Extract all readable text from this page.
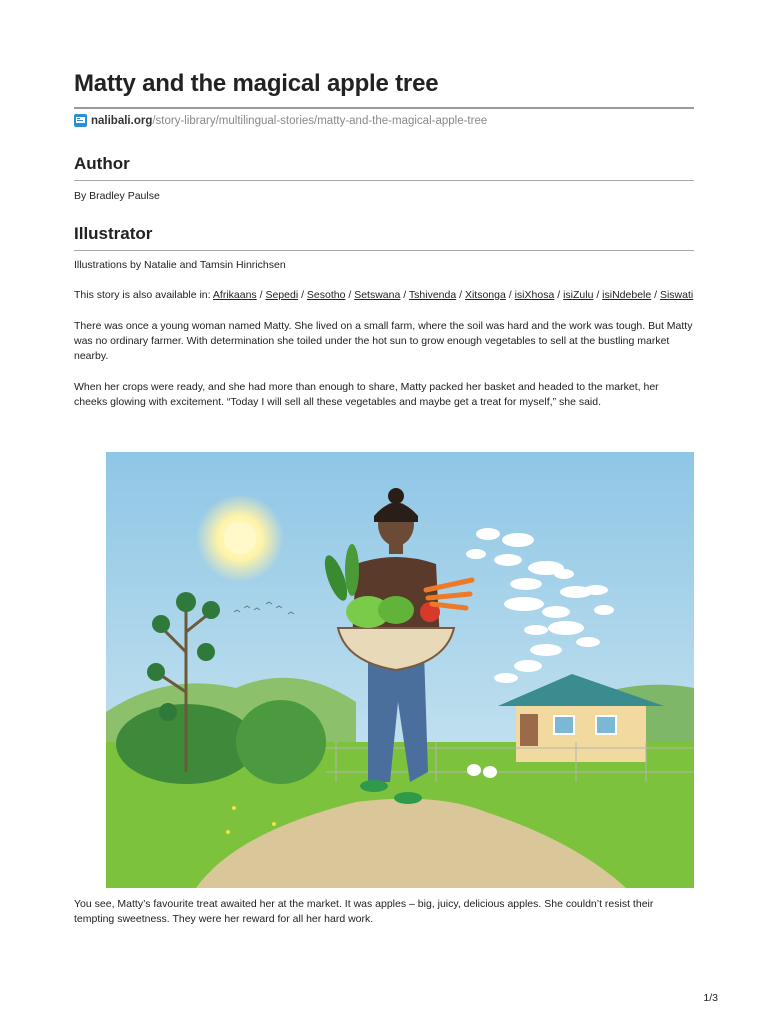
Matty and the magical apple tree
nalibali.org/story-library/multilingual-stories/matty-and-the-magical-apple-tree
Author
By Bradley Paulse
Illustrator
Illustrations by Natalie and Tamsin Hinrichsen
This story is also available in: Afrikaans / Sepedi / Sesotho / Setswana / Tshivenda / Xitsonga / isiXhosa / isiZulu / isiNdebele / Siswati
There was once a young woman named Matty. She lived on a small farm, where the soil was hard and the work was tough. But Matty was no ordinary farmer. With determination she toiled under the hot sun to grow enough vegetables to sell at the bustling market nearby.
When her crops were ready, and she had more than enough to share, Matty packed her basket and headed to the market, her cheeks glowing with excitement. “Today I will sell all these vegetables and maybe get a treat for myself,” she said.
You see, Matty’s favourite treat awaited her at the market. It was apples – big, juicy, delicious apples. She couldn’t resist their tempting sweetness. They were her reward for all her hard work.
1/3
